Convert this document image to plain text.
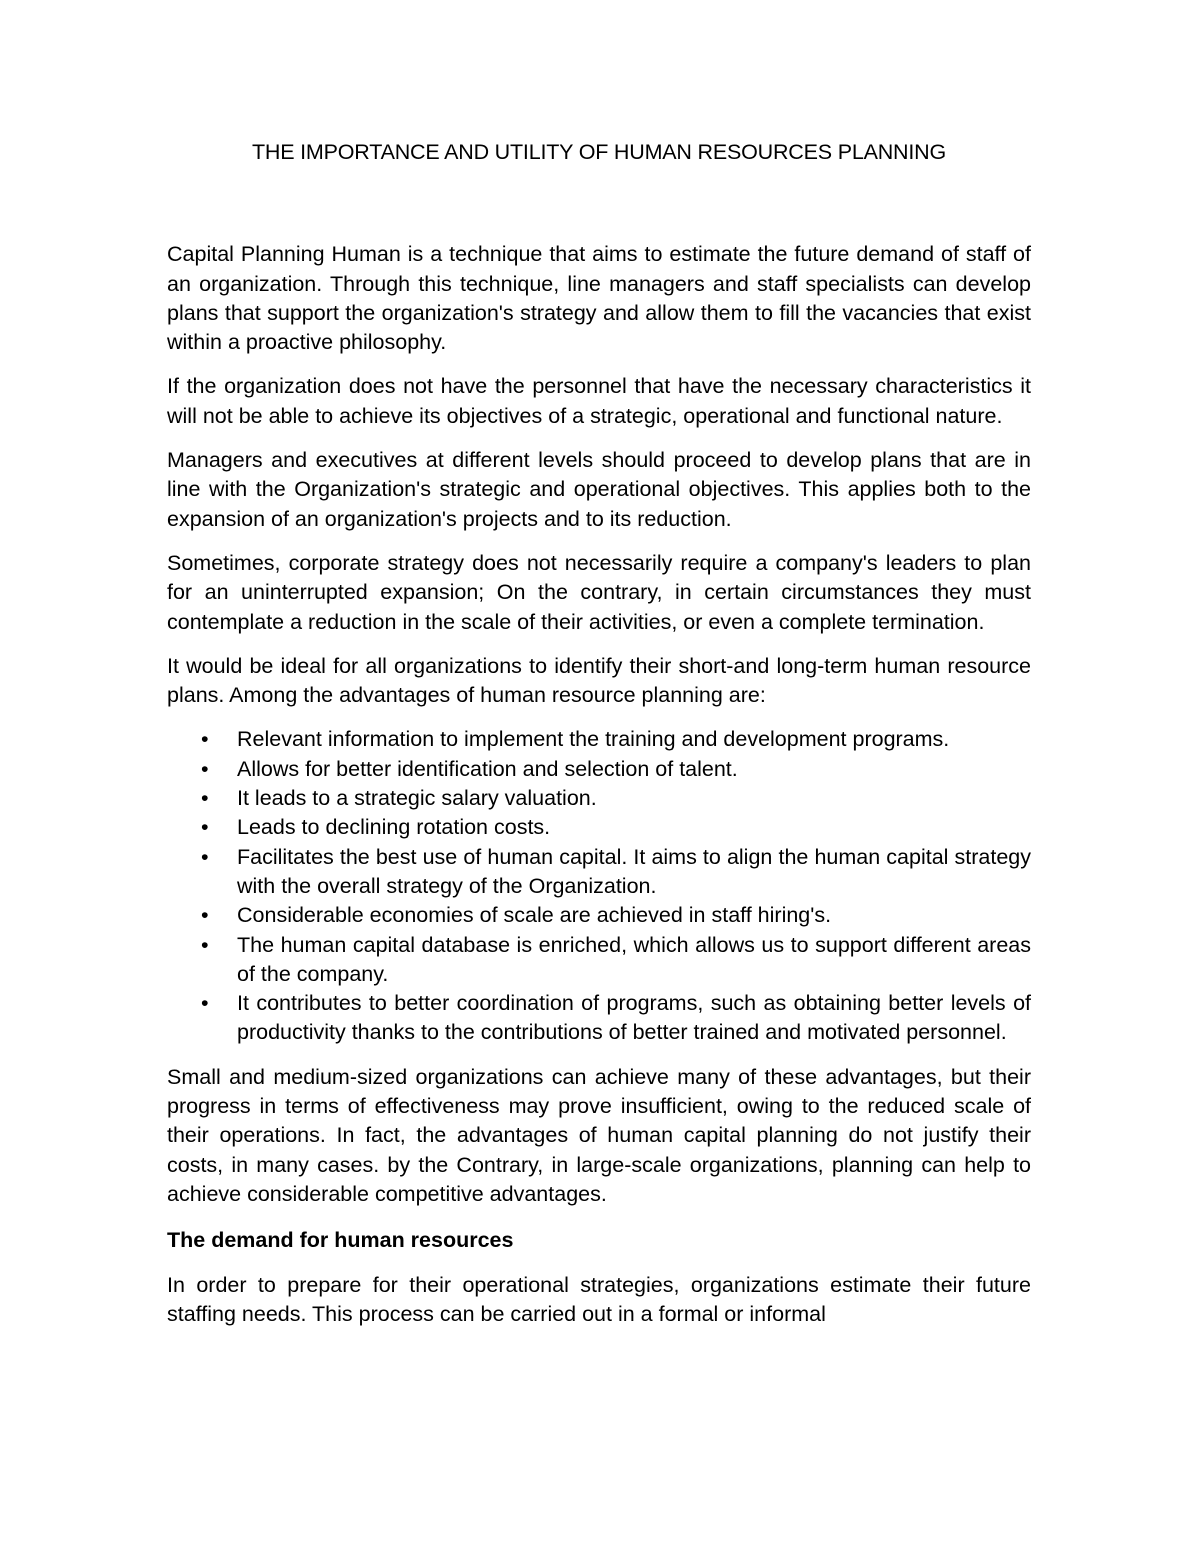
THE IMPORTANCE AND UTILITY OF HUMAN RESOURCES PLANNING

Capital Planning Human is a technique that aims to estimate the future demand of staff of an organization. Through this technique, line managers and staff specialists can develop plans that support the organization's strategy and allow them to fill the vacancies that exist within a proactive philosophy.

If the organization does not have the personnel that have the necessary characteristics it will not be able to achieve its objectives of a strategic, operational and functional nature.

Managers and executives at different levels should proceed to develop plans that are in line with the Organization's strategic and operational objectives. This applies both to the expansion of an organization's projects and to its reduction.

Sometimes, corporate strategy does not necessarily require a company's leaders to plan for an uninterrupted expansion; On the contrary, in certain circumstances they must contemplate a reduction in the scale of their activities, or even a complete termination.

It would be ideal for all organizations to identify their short-and long-term human resource plans. Among the advantages of human resource planning are:

• Relevant information to implement the training and development programs.
• Allows for better identification and selection of talent.
• It leads to a strategic salary valuation.
• Leads to declining rotation costs.
• Facilitates the best use of human capital. It aims to align the human capital strategy with the overall strategy of the Organization.
• Considerable economies of scale are achieved in staff hiring's.
• The human capital database is enriched, which allows us to support different areas of the company.
• It contributes to better coordination of programs, such as obtaining better levels of productivity thanks to the contributions of better trained and motivated personnel.

Small and medium-sized organizations can achieve many of these advantages, but their progress in terms of effectiveness may prove insufficient, owing to the reduced scale of their operations. In fact, the advantages of human capital planning do not justify their costs, in many cases. by the Contrary, in large-scale organizations, planning can help to achieve considerable competitive advantages.

The demand for human resources

In order to prepare for their operational strategies, organizations estimate their future staffing needs. This process can be carried out in a formal or informal
